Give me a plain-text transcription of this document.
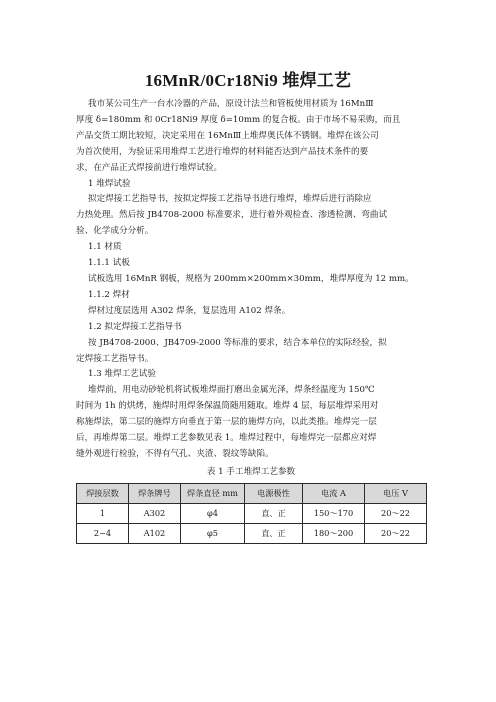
16MnR/0Cr18Ni9 堆焊工艺
我市某公司生产一台水冷器的产品，原设计法兰和管板使用材质为 16MnⅢ
厚度 δ=180mm 和 0Cr18Ni9 厚度 δ=10mm 的复合板。由于市场不易采购，而且
产品交货工期比较短，决定采用在 16MnⅢ上堆焊奥氏体不锈钢。堆焊在该公司
为首次使用，为验证采用堆焊工艺进行堆焊的材料能否达到产品技术条件的要
求，在产品正式焊接前进行堆焊试验。
1 堆焊试验
拟定焊接工艺指导书，按拟定焊接工艺指导书进行堆焊，堆焊后进行消除应
力热处理。然后按 JB4708-2000 标准要求，进行着外观检查、渗透检测、弯曲试
验、化学成分分析。
1.1 材质
1.1.1 试板
试板选用 16MnR 钢板，规格为 200mm×200mm×30mm，堆焊厚度为 12 mm。
1.1.2 焊材
焊材过度层选用 A302 焊条，复层选用 A102 焊条。
1.2 拟定焊接工艺指导书
按 JB4708-2000、JB4709-2000 等标准的要求，结合本单位的实际经验，拟
定焊接工艺指导书。
1.3 堆焊工艺试验
堆焊前，用电动砂轮机将试板堆焊面打磨出金属光泽，焊条经温度为 150℃
时间为 1h 的烘烤，施焊时用焊条保温筒随用随取。堆焊 4 层，每层堆焊采用对
称施焊法，第二层的施焊方向垂直于第一层的施焊方向，以此类推。堆焊完一层
后，再堆焊第二层。堆焊工艺参数见表 1。堆焊过程中，每堆焊完一层都应对焊
缝外观进行检验，不得有气孔、夹渣、裂纹等缺陷。
表 1 手工堆焊工艺参数
焊接层数	焊条牌号	焊条直径 mm	电源极性	电流 A	电压 V
1	A302	φ4	直、正	150～170	20～22
2~4	A102	φ5	直、正	180～200	20～22
